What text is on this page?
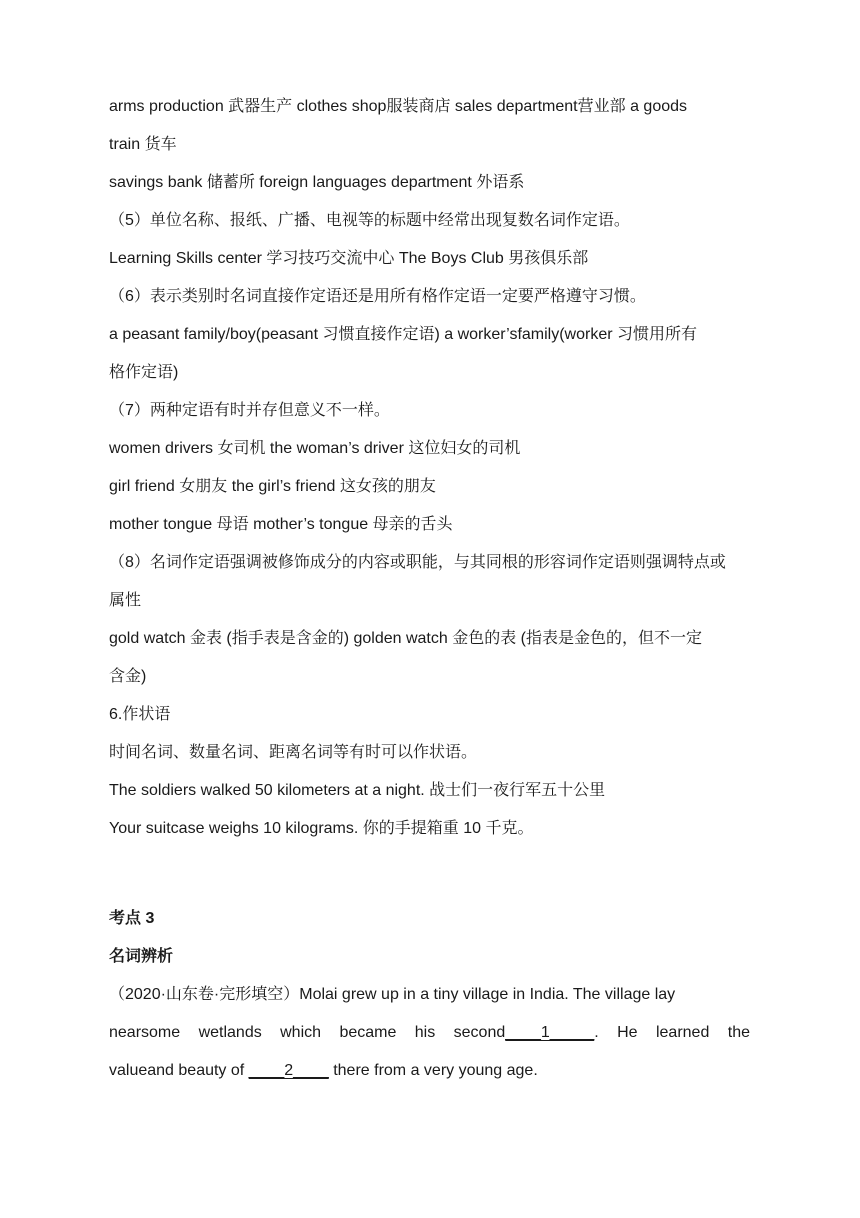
arms production 武器生产 clothes shop服装商店 sales department营业部 a goods
train 货车
savings bank 储蓄所 foreign languages department 外语系
（5）单位名称、报纸、广播、电视等的标题中经常出现复数名词作定语。
Learning Skills center 学习技巧交流中心 The Boys Club 男孩俱乐部
（6）表示类别时名词直接作定语还是用所有格作定语一定要严格遵守习惯。
a peasant family/boy(peasant 习惯直接作定语) a worker’sfamily(worker 习惯用所有
格作定语)
（7）两种定语有时并存但意义不一样。
women drivers 女司机 the woman’s driver 这位妇女的司机
girl friend 女朋友 the girl’s friend 这女孩的朋友
mother tongue 母语 mother’s tongue 母亲的舌头
（8）名词作定语强调被修饰成分的内容或职能，与其同根的形容词作定语则强调特点或
属性
gold watch 金表 (指手表是含金的) golden watch 金色的表 (指表是金色的，但不一定
含金)
6.作状语
时间名词、数量名词、距离名词等有时可以作状语。
The soldiers walked 50 kilometers at a night. 战士们一夜行军五十公里
Your suitcase weighs 10 kilograms. 你的手提箱重 10 千克。
考点 3
名词辨析
（2020·山东卷·完形填空）Molai grew up in a tiny village in India. The village lay
nearsome wetlands which became his second____1_____. He learned the
valueand beauty of ____2____ there from a very young age.
